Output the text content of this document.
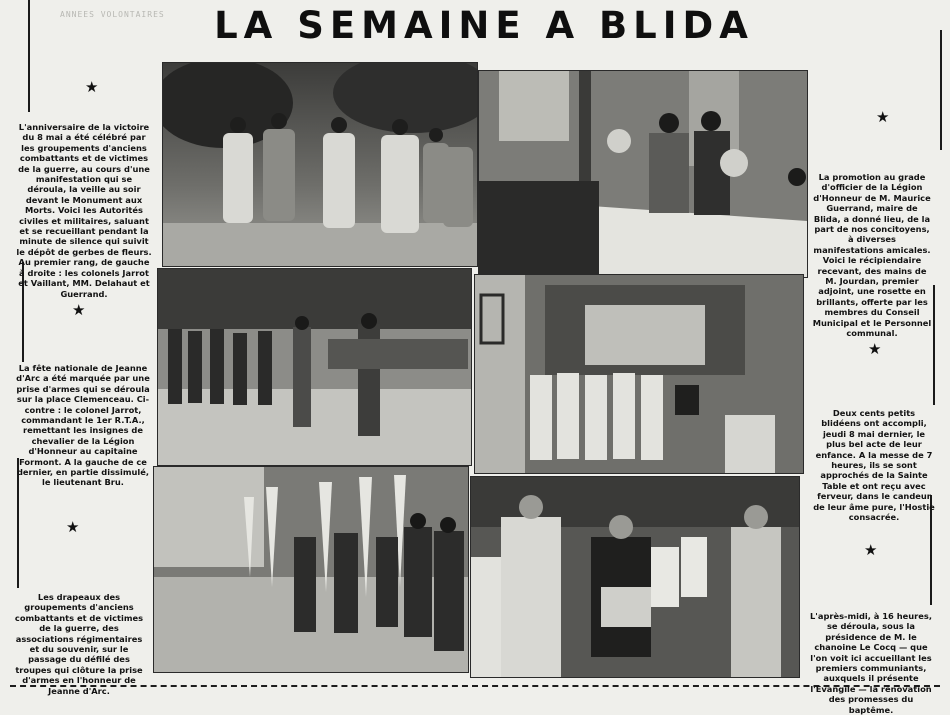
ANNEES VOLONTAIRES	LA SEMAINE A BLIDA
★
★
★
★
★
★
L'anniversaire de la victoire du 8 mai a été célébré par les groupements d'anciens combattants et de victimes de la guerre, au cours d'une manifestation qui se déroula, la veille au soir devant le Monument aux Morts. Voici les Autorités civiles et militaires, saluant et se recueillant pendant la minute de silence qui suivit le dépôt de gerbes de fleurs. Au premier rang, de gauche à droite : les colonels Jarrot et Vaillant, MM. Delahaut et Guerrand.
La promotion au grade d'officier de la Légion d'Honneur de M. Maurice Guerrand, maire de Blida, a donné lieu, de la part de nos concitoyens, à diverses manifestations amicales. Voici le récipiendaire recevant, des mains de M. Jourdan, premier adjoint, une rosette en brillants, offerte par les membres du Conseil Municipal et le Personnel communal.
La fête nationale de Jeanne d'Arc a été marquée par une prise d'armes qui se déroula sur la place Clemenceau. Ci-contre : le colonel Jarrot, commandant le 1er R.T.A., remettant les insignes de chevalier de la Légion d'Honneur au capitaine Formont. A la gauche de ce dernier, en partie dissimulé, le lieutenant Bru.
Deux cents petits blidéens ont accompli, jeudi 8 mai dernier, le plus bel acte de leur enfance. A la messe de 7 heures, ils se sont approchés de la Sainte Table et ont reçu avec ferveur, dans le candeur de leur âme pure, l'Hostie consacrée.
Les drapeaux des groupements d'anciens combattants et de victimes de la guerre, des associations régimentaires et du souvenir, sur le passage du défilé des troupes qui clôture la prise d'armes en l'honneur de Jeanne d'Arc.
L'après-midi, à 16 heures, se déroula, sous la présidence de M. le chanoine Le Cocq — que l'on voit ici accueillant les premiers communiants, auxquels il présente l'Evangile — la rénovation des promesses du baptême.
